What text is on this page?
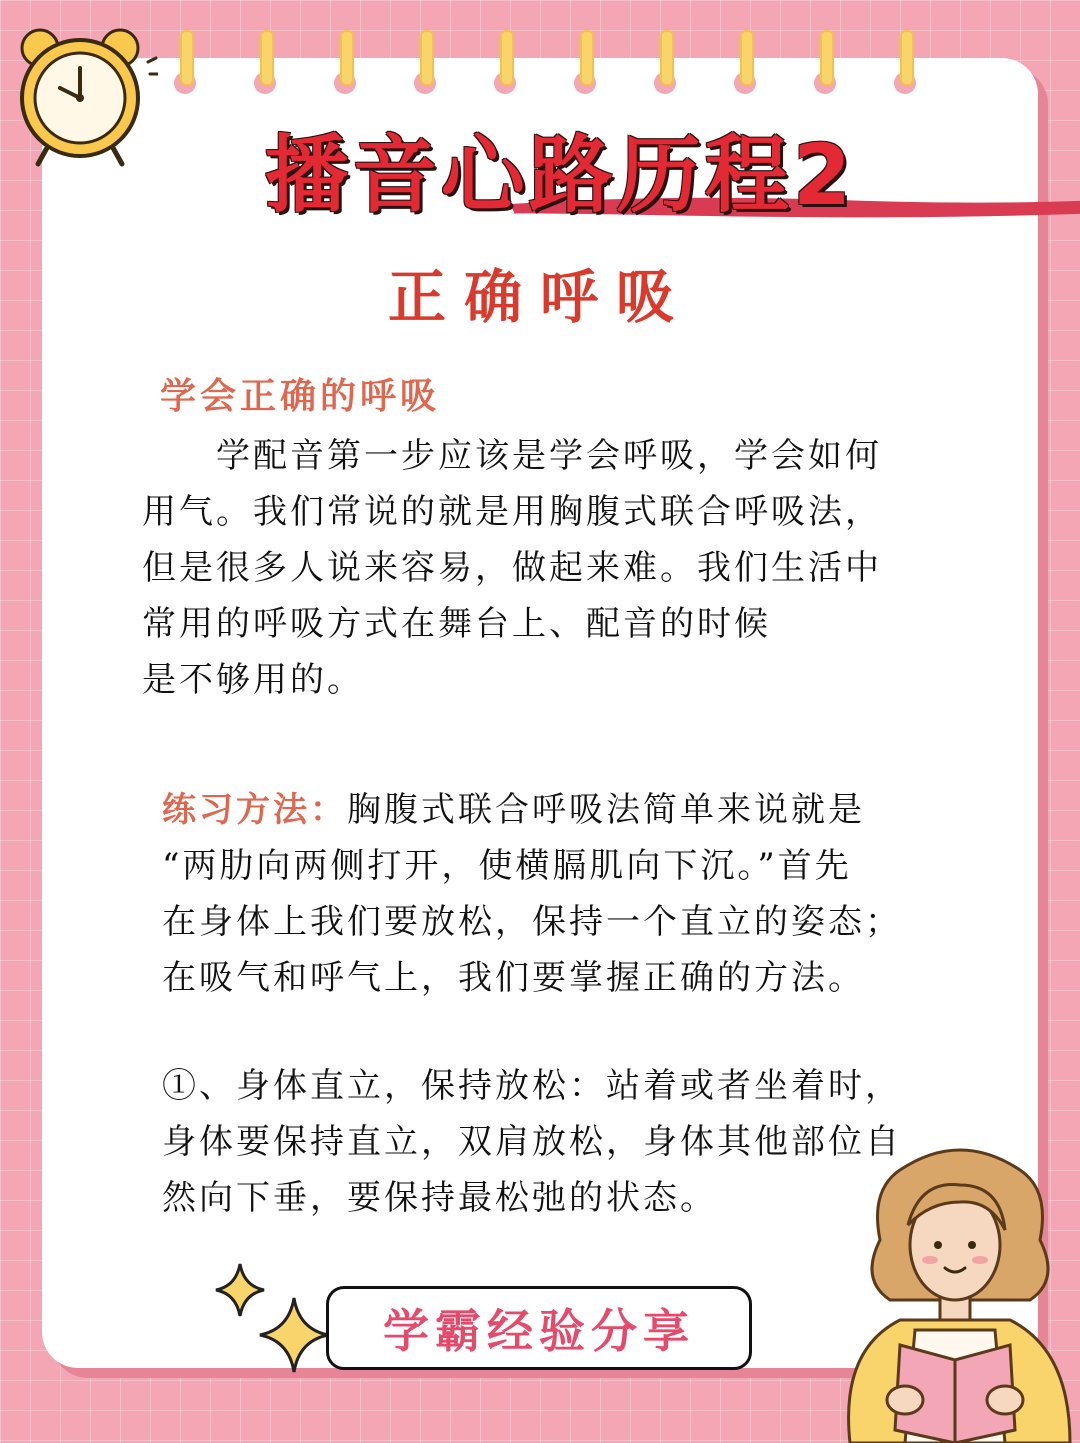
播音心路历程2
正确呼吸
学会正确的呼吸

　　学配音第一步应该是学会呼吸，学会如何
用气。我们常说的就是用胸腹式联合呼吸法，
但是很多人说来容易，做起来难。我们生活中
常用的呼吸方式在舞台上、配音的时候
是不够用的。

练习方法：胸腹式联合呼吸法简单来说就是
“两肋向两侧打开，使横膈肌向下沉。”首先
在身体上我们要放松，保持一个直立的姿态；
在吸气和呼气上，我们要掌握正确的方法。

①、身体直立，保持放松：站着或者坐着时，
身体要保持直立，双肩放松，身体其他部位自
然向下垂，要保持最松弛的状态。

学霸经验分享
